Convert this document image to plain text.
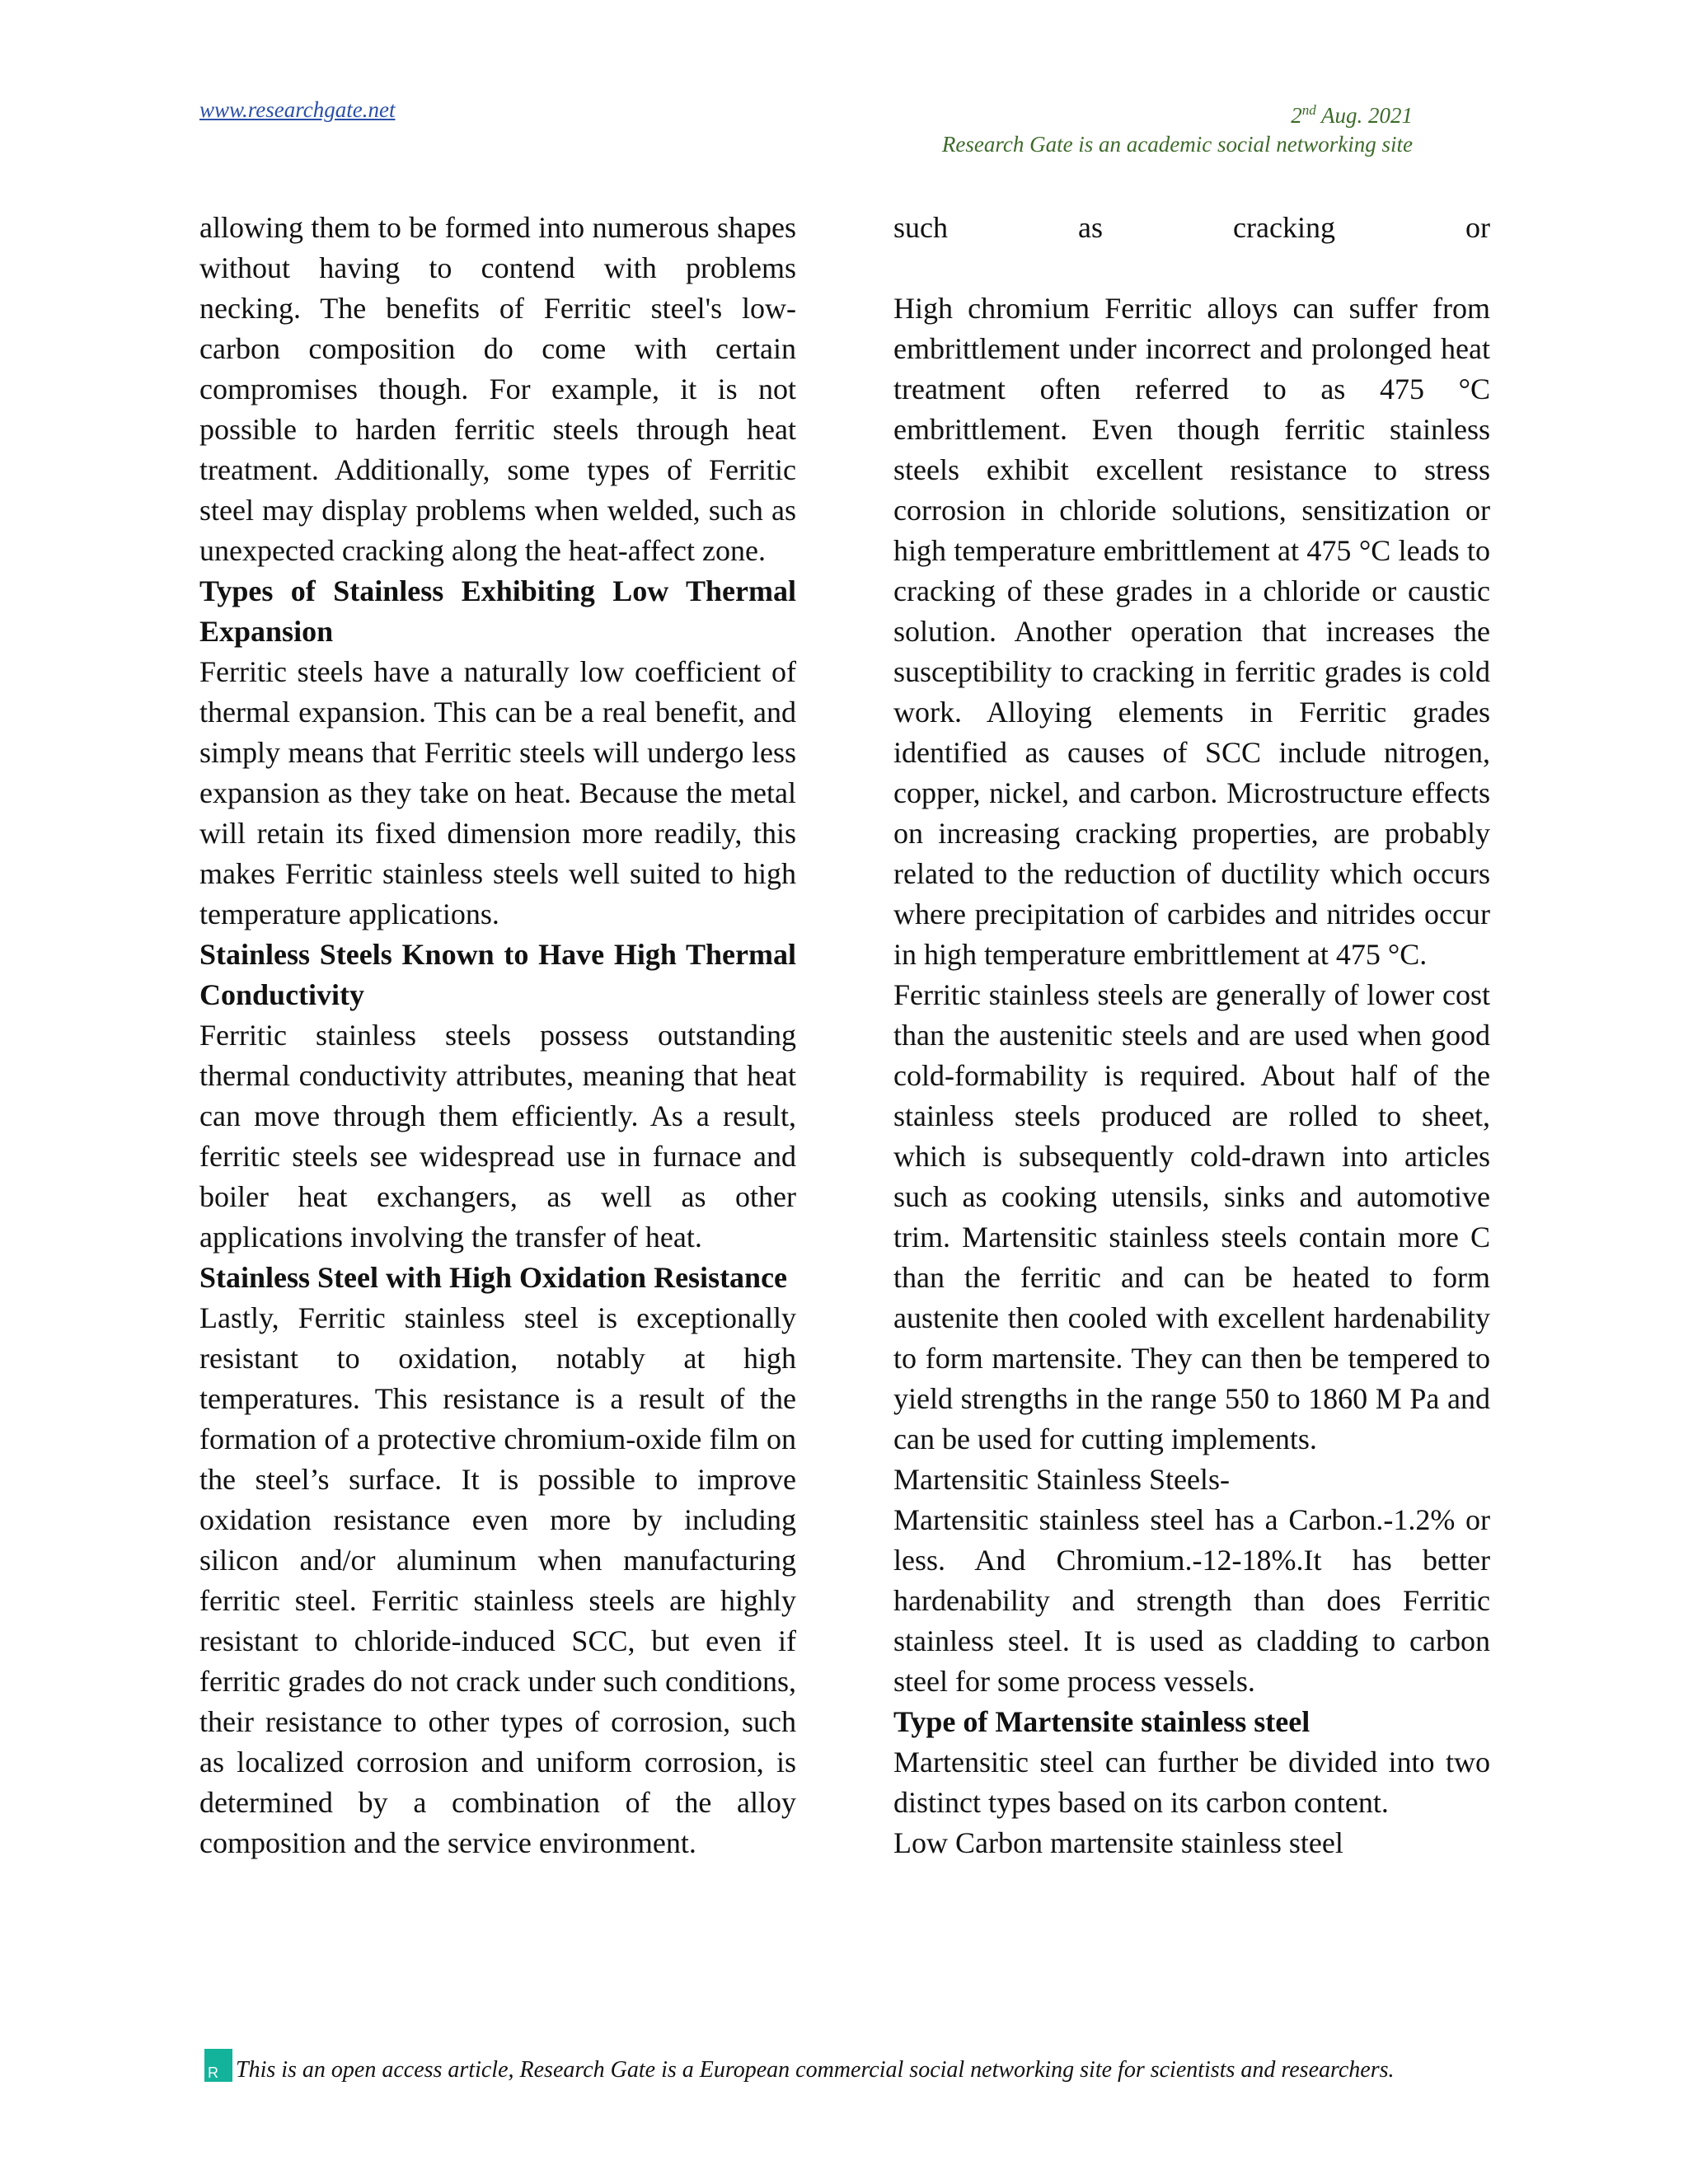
www.researchgate.net	2nd Aug. 2021
Research Gate is an academic social networking site

allowing them to be formed into numerous shapes without having to contend with problems necking. The benefits of Ferritic steel's low-carbon composition do come with certain compromises though. For example, it is not possible to harden ferritic steels through heat treatment. Additionally, some types of Ferritic steel may display problems when welded, such as unexpected cracking along the heat-affect zone.

Types of Stainless Exhibiting Low Thermal Expansion

Ferritic steels have a naturally low coefficient of thermal expansion. This can be a real benefit, and simply means that Ferritic steels will undergo less expansion as they take on heat. Because the metal will retain its fixed dimension more readily, this makes Ferritic stainless steels well suited to high temperature applications.

Stainless Steels Known to Have High Thermal Conductivity

Ferritic stainless steels possess outstanding thermal conductivity attributes, meaning that heat can move through them efficiently. As a result, ferritic steels see widespread use in furnace and boiler heat exchangers, as well as other applications involving the transfer of heat.

Stainless Steel with High Oxidation Resistance

Lastly, Ferritic stainless steel is exceptionally resistant to oxidation, notably at high temperatures. This resistance is a result of the formation of a protective chromium-oxide film on the steel’s surface. It is possible to improve oxidation resistance even more by including silicon and/or aluminum when manufacturing ferritic steel. Ferritic stainless steels are highly resistant to chloride-induced SCC, but even if ferritic grades do not crack under such conditions, their resistance to other types of corrosion, such as localized corrosion and uniform corrosion, is determined by a combination of the alloy composition and the service environment.

such as cracking or

High chromium Ferritic alloys can suffer from embrittlement under incorrect and prolonged heat treatment often referred to as 475 °C embrittlement. Even though ferritic stainless steels exhibit excellent resistance to stress corrosion in chloride solutions, sensitization or high temperature embrittlement at 475 °C leads to cracking of these grades in a chloride or caustic solution. Another operation that increases the susceptibility to cracking in ferritic grades is cold work. Alloying elements in Ferritic grades identified as causes of SCC include nitrogen, copper, nickel, and carbon. Microstructure effects on increasing cracking properties, are probably related to the reduction of ductility which occurs where precipitation of carbides and nitrides occur in high temperature embrittlement at 475 °C.

Ferritic stainless steels are generally of lower cost than the austenitic steels and are used when good cold-formability is required. About half of the stainless steels produced are rolled to sheet, which is subsequently cold-drawn into articles such as cooking utensils, sinks and automotive trim. Martensitic stainless steels contain more C than the ferritic and can be heated to form austenite then cooled with excellent hardenability to form martensite. They can then be tempered to yield strengths in the range 550 to 1860 M Pa and can be used for cutting implements.

Martensitic Stainless Steels-

Martensitic stainless steel has a Carbon.-1.2% or less. And Chromium.-12-18%.It has better hardenability and strength than does Ferritic stainless steel. It is used as cladding to carbon steel for some process vessels.

Type of Martensite stainless steel

Martensitic steel can further be divided into two distinct types based on its carbon content.

Low Carbon martensite stainless steel

R This is an open access article, Research Gate is a European commercial social networking site for scientists and researchers.
